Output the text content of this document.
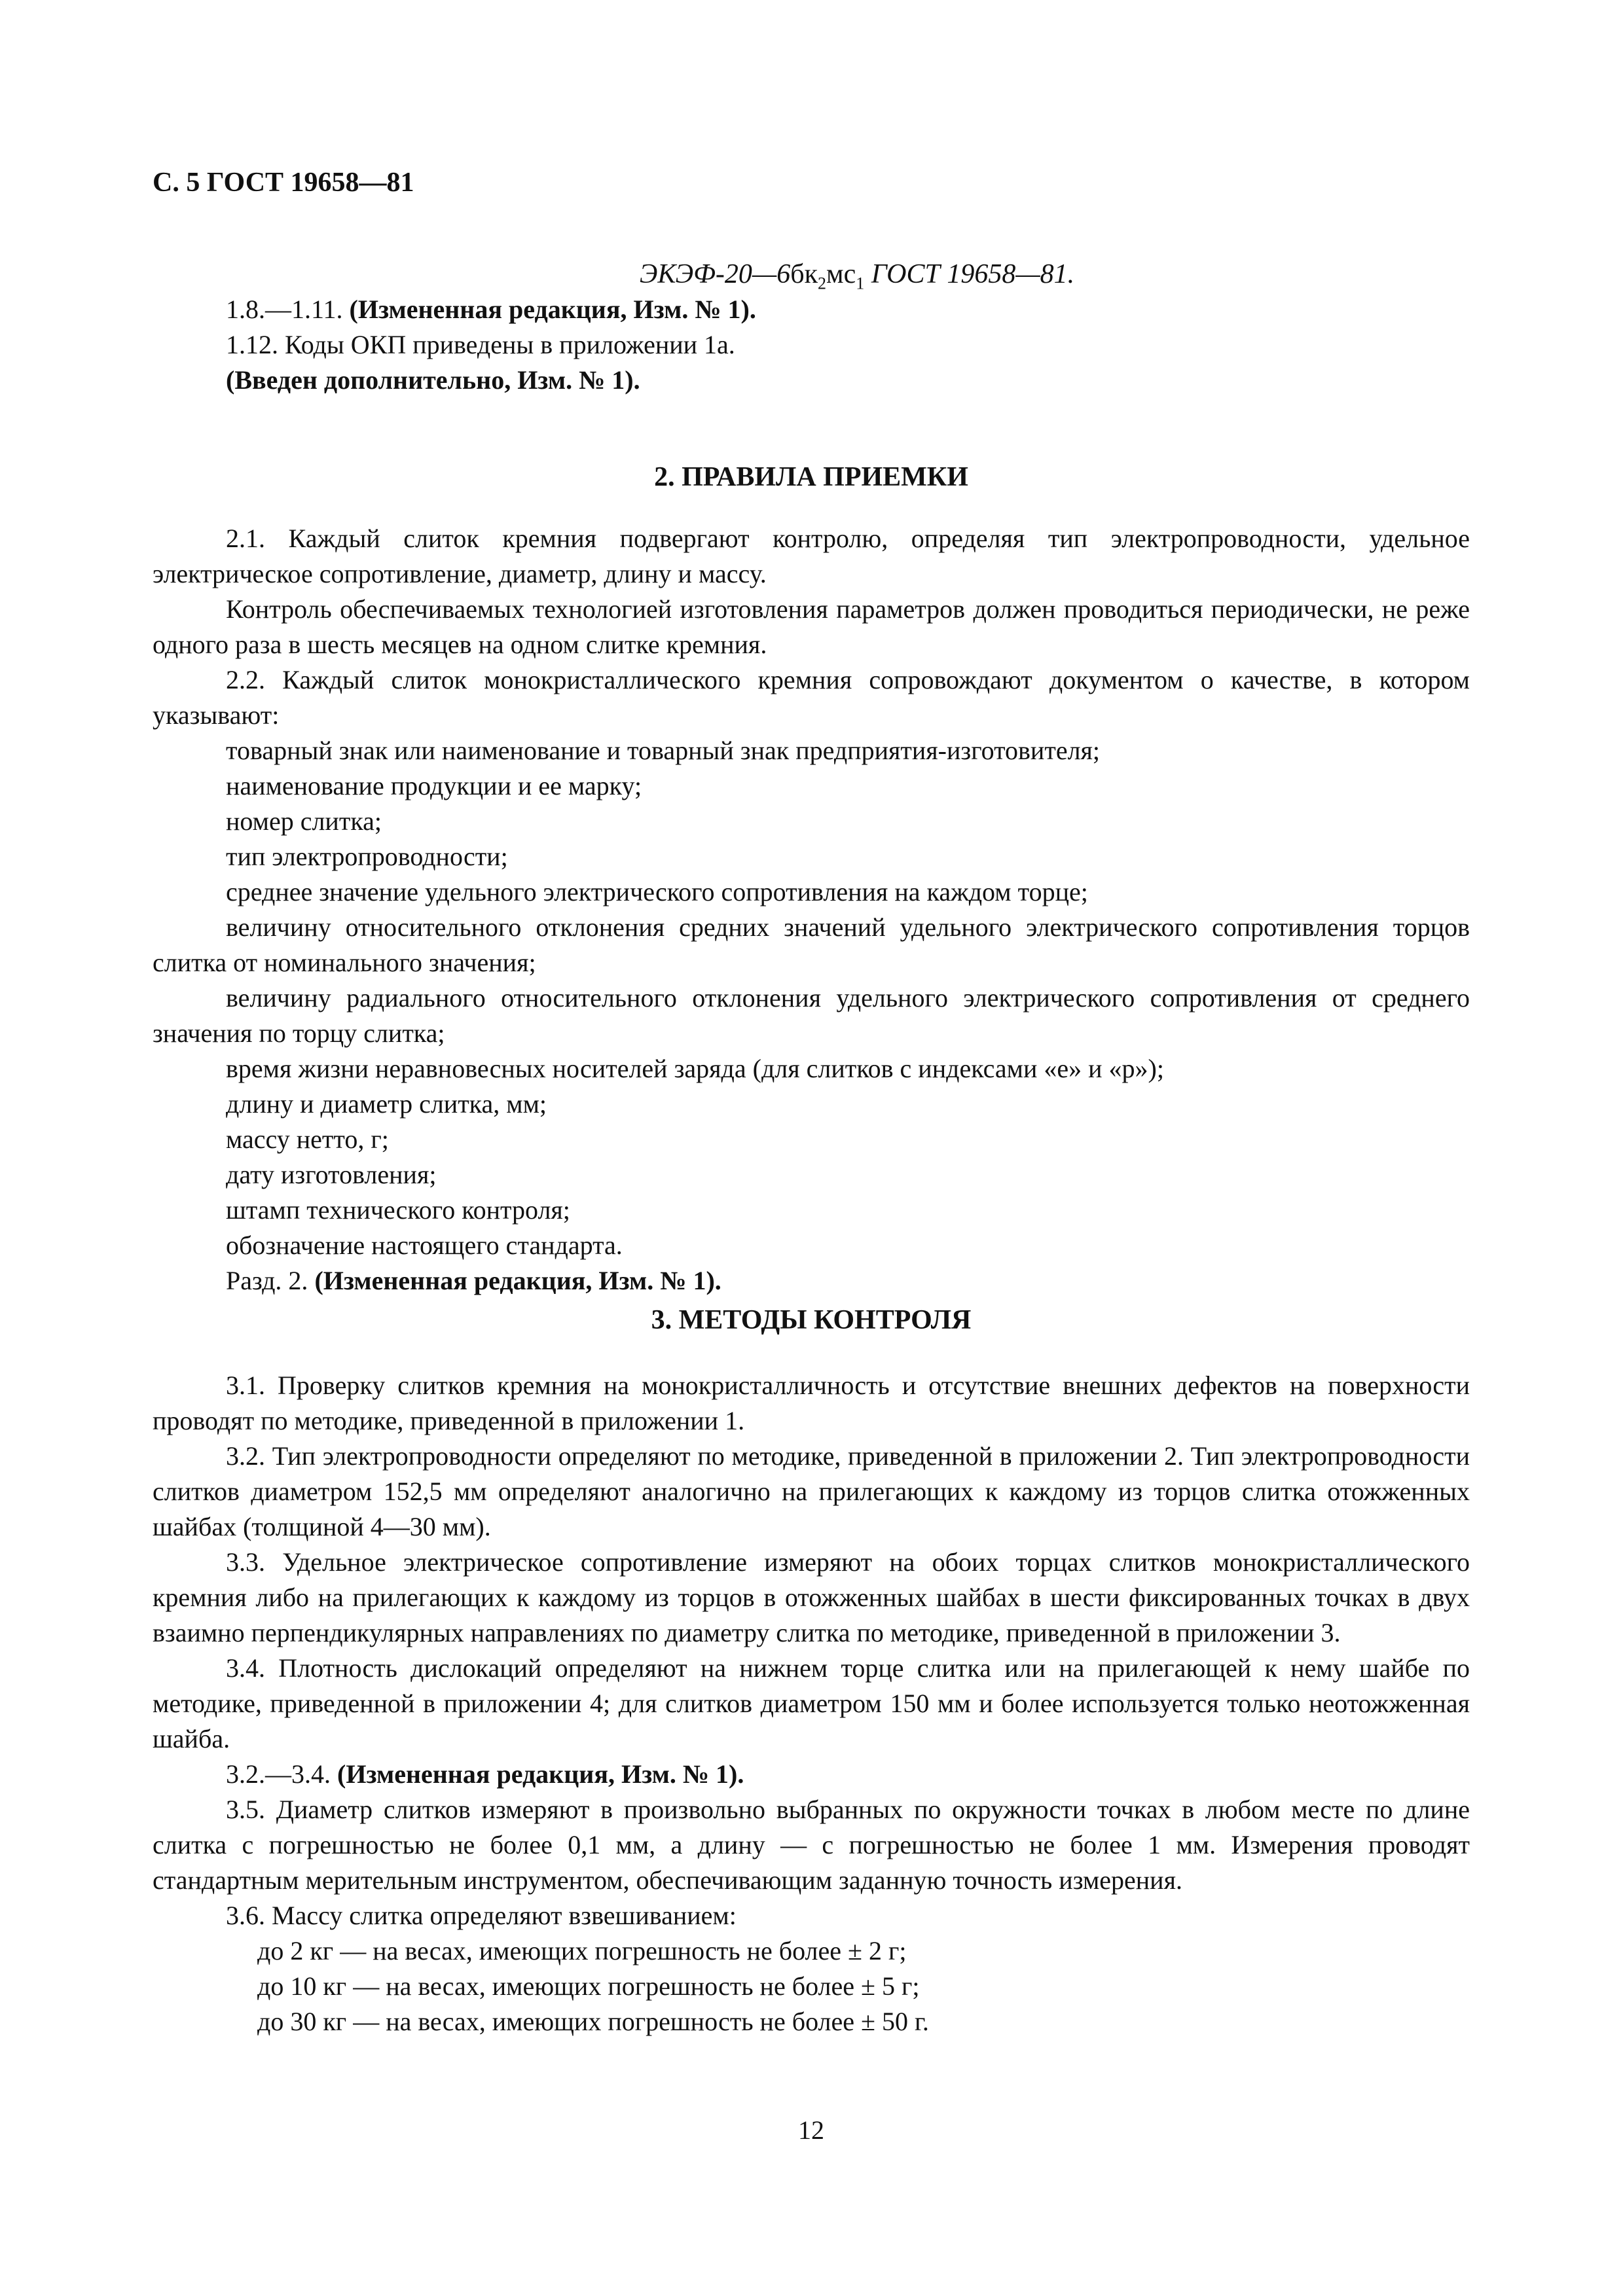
С. 5 ГОСТ 19658—81
ЭКЭФ-$20—6бк_2мс_1$ ГОСТ 19658—81.

1.8.—1.11. (Измененная редакция, Изм. № 1).

1.12. Коды ОКП приведены в приложении 1а.

(Введен дополнительно, Изм. № 1).

2. ПРАВИЛА ПРИЕМКИ

2.1. Каждый слиток кремния подвергают контролю, определяя тип электропроводности, удельное электрическое сопротивление, диаметр, длину и массу.

Контроль обеспечиваемых технологией изготовления параметров должен проводиться периодически, не реже одного раза в шесть месяцев на одном слитке кремния.

2.2. Каждый слиток монокристаллического кремния сопровождают документом о качестве, в котором указывают:

товарный знак или наименование и товарный знак предприятия-изготовителя;

наименование продукции и ее марку;

номер слитка;

тип электропроводности;

среднее значение удельного электрического сопротивления на каждом торце;

величину относительного отклонения средних значений удельного электрического сопротивления торцов слитка от номинального значения;

величину радиального относительного отклонения удельного электрического сопротивления от среднего значения по торцу слитка;

время жизни неравновесных носителей заряда (для слитков с индексами «е» и «р»);

длину и диаметр слитка, мм;

массу нетто, г;

дату изготовления;

штамп технического контроля;

обозначение настоящего стандарта.

Разд. 2. (Измененная редакция, Изм. № 1).

3. МЕТОДЫ КОНТРОЛЯ

3.1. Проверку слитков кремния на монокристалличность и отсутствие внешних дефектов на поверхности проводят по методике, приведенной в приложении 1.

3.2. Тип электропроводности определяют по методике, приведенной в приложении 2. Тип электропроводности слитков диаметром 152,5 мм определяют аналогично на прилегающих к каждому из торцов слитка отожженных шайбах (толщиной 4—30 мм).

3.3. Удельное электрическое сопротивление измеряют на обоих торцах слитков монокристаллического кремния либо на прилегающих к каждому из торцов в отожженных шайбах в шести фиксированных точках в двух взаимно перпендикулярных направлениях по диаметру слитка по методике, приведенной в приложении 3.

3.4. Плотность дислокаций определяют на нижнем торце слитка или на прилегающей к нему шайбе по методике, приведенной в приложении 4; для слитков диаметром 150 мм и более используется только неотожженная шайба.

3.2.—3.4. (Измененная редакция, Изм. № 1).

3.5. Диаметр слитков измеряют в произвольно выбранных по окружности точках в любом месте по длине слитка с погрешностью не более 0,1 мм, а длину — с погрешностью не более 1 мм. Измерения проводят стандартным мерительным инструментом, обеспечивающим заданную точность измерения.

3.6. Массу слитка определяют взвешиванием:

до 2 кг — на весах, имеющих погрешность не более ± 2 г;

до 10 кг — на весах, имеющих погрешность не более ± 5 г;

до 30 кг — на весах, имеющих погрешность не более ± 50 г.

12
